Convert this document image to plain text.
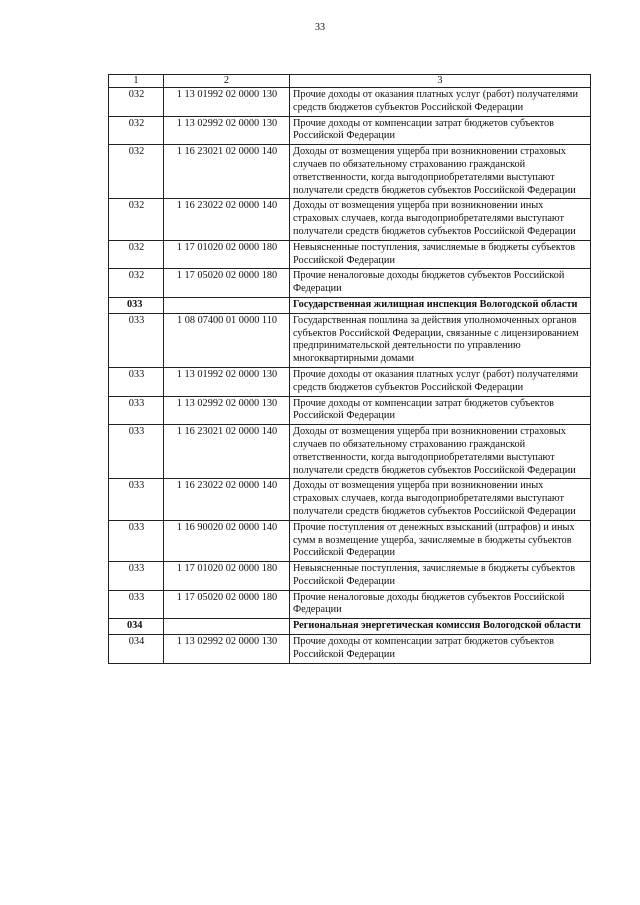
33
1	2	3
032	1 13 01992 02 0000 130	Прочие доходы от оказания платных услуг (работ) получателями средств бюджетов субъектов Российской Федерации
032	1 13 02992 02 0000 130	Прочие доходы от компенсации затрат бюджетов субъектов Российской Федерации
032	1 16 23021 02 0000 140	Доходы от возмещения ущерба при возникновении страховых случаев по обязательному страхованию гражданской ответственности, когда выгодоприобретателями выступают получатели средств бюджетов субъектов Российской Федерации
032	1 16 23022 02 0000 140	Доходы от возмещения ущерба при возникновении иных страховых случаев, когда выгодоприобретателями выступают получатели средств бюджетов субъектов Российской Федерации
032	1 17 01020 02 0000 180	Невыясненные поступления, зачисляемые в бюджеты субъектов Российской Федерации
032	1 17 05020 02 0000 180	Прочие неналоговые доходы бюджетов субъектов Российской Федерации
033		Государственная жилищная инспекция Вологодской области
033	1 08 07400 01 0000 110	Государственная пошлина за действия уполномоченных органов субъектов Российской Федерации, связанные с лицензированием предпринимательской деятельности по управлению многоквартирными домами
033	1 13 01992 02 0000 130	Прочие доходы от оказания платных услуг (работ) получателями средств бюджетов субъектов Российской Федерации
033	1 13 02992 02 0000 130	Прочие доходы от компенсации затрат бюджетов субъектов Российской Федерации
033	1 16 23021 02 0000 140	Доходы от возмещения ущерба при возникновении страховых случаев по обязательному страхованию гражданской ответственности, когда выгодоприобретателями выступают получатели средств бюджетов субъектов Российской Федерации
033	1 16 23022 02 0000 140	Доходы от возмещения ущерба при возникновении иных страховых случаев, когда выгодоприобретателями выступают получатели средств бюджетов субъектов Российской Федерации
033	1 16 90020 02 0000 140	Прочие поступления от денежных взысканий (штрафов) и иных сумм в возмещение ущерба, зачисляемые в бюджеты субъектов Российской Федерации
033	1 17 01020 02 0000 180	Невыясненные поступления, зачисляемые в бюджеты субъектов Российской Федерации
033	1 17 05020 02 0000 180	Прочие неналоговые доходы бюджетов субъектов Российской Федерации
034		Региональная энергетическая комиссия Вологодской области
034	1 13 02992 02 0000 130	Прочие доходы от компенсации затрат бюджетов субъектов Российской Федерации
